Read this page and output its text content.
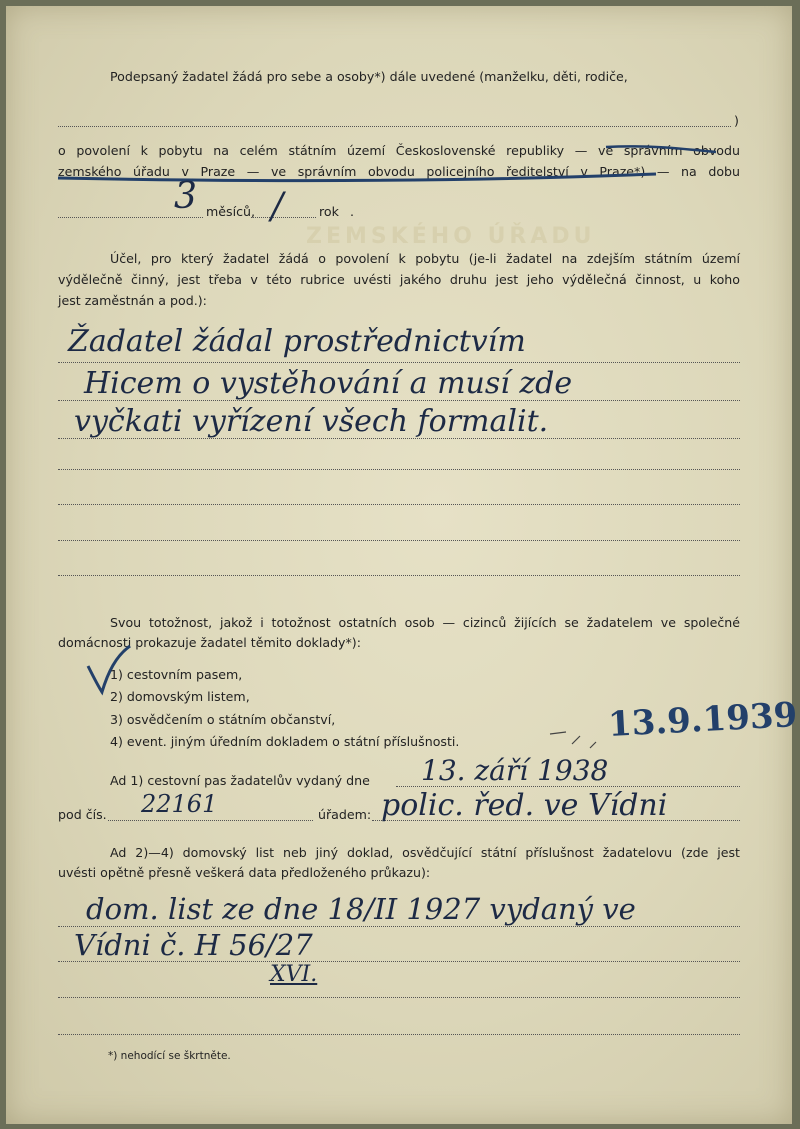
ZEMSKÉHO ÚŘADU
Podepsaný žadatel žádá pro sebe a osoby*) dále uvedené (manželku, děti, rodiče,
)
o povolení k pobytu na celém státním území Československé republiky — ve správním obvodu
zemského úřadu v Praze — ve správním obvodu policejního ředitelství v Praze*) — na dobu
3 měsíců, /	rok .
Účel, pro který žadatel žádá o povolení k pobytu (je-li žadatel na zdejším státním území
výdělečně činný, jest třeba v této rubrice uvésti jakého druhu jest jeho výdělečná činnost, u koho
jest zaměstnán a pod.):
Žadatel žádal prostřednictvím
Hicem o vystěhování a musí zde
vyčkati vyřízení všech formalit.
Svou totožnost, jakož i totožnost ostatních osob — cizinců žijících se žadatelem ve společné
domácnosti prokazuje žadatel těmito doklady*):
1) cestovním pasem,
2) domovským listem,
3) osvědčením o státním občanství,
4) event. jiným úředním dokladem o státní příslušnosti.	13.9.1939
Ad 1) cestovní pas žadatelův vydaný dne 13. září 1938
pod čís. 22161	úřadem: polic. řed. ve Vídni
Ad 2)—4) domovský list neb jiný doklad, osvědčující státní příslušnost žadatelovu (zde jest
uvésti opětně přesně veškerá data předloženého průkazu):
dom. list ze dne 18/II 1927 vydaný ve
Vídni č. H 56/27
XVI.
*) nehodící se škrtněte.
